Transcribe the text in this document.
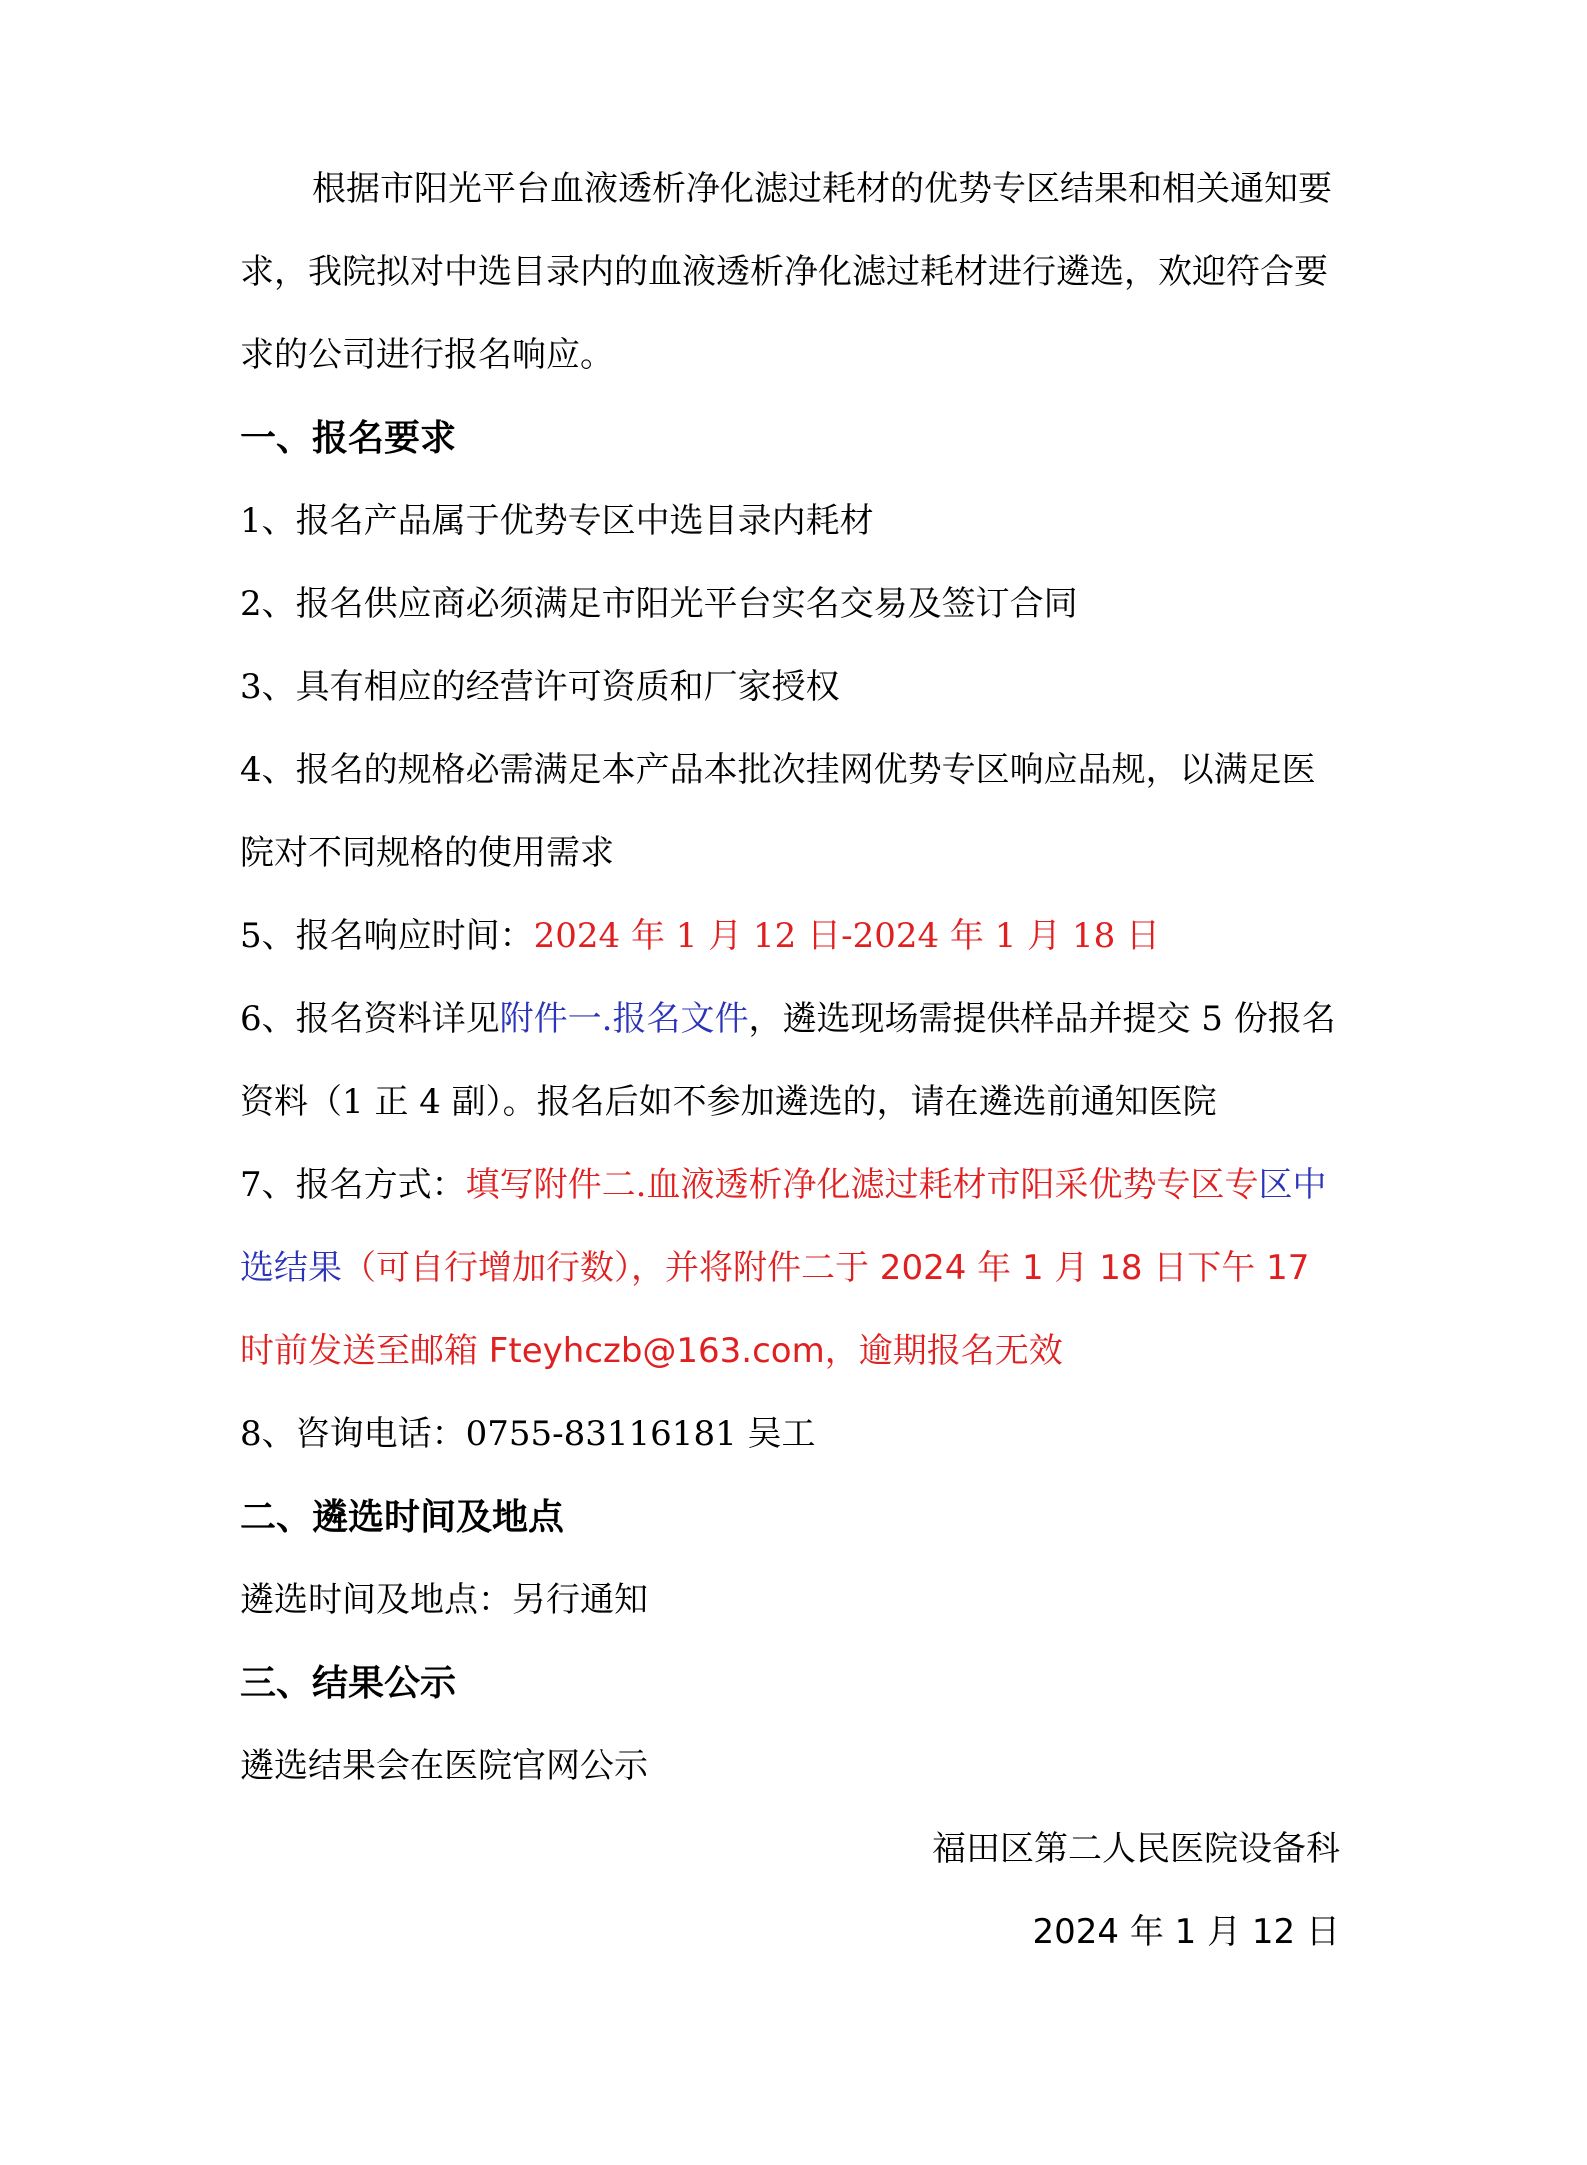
根据市阳光平台血液透析净化滤过耗材的优势专区结果和相关通知要求，我院拟对中选目录内的血液透析净化滤过耗材进行遴选，欢迎符合要求的公司进行报名响应。

一、报名要求

1、报名产品属于优势专区中选目录内耗材

2、报名供应商必须满足市阳光平台实名交易及签订合同

3、具有相应的经营许可资质和厂家授权

4、报名的规格必需满足本产品本批次挂网优势专区响应品规，以满足医院对不同规格的使用需求

5、报名响应时间：2024 年 1 月 12 日-2024 年 1 月 18 日

6、报名资料详见附件一.报名文件，遴选现场需提供样品并提交 5 份报名资料（1 正 4 副）。报名后如不参加遴选的，请在遴选前通知医院

7、报名方式：填写附件二.血液透析净化滤过耗材市阳采优势专区专区中选结果（可自行增加行数），并将附件二于 2024 年 1 月 18 日下午 17 时前发送至邮箱 Fteyhczb@163.com，逾期报名无效

8、咨询电话：0755-83116181 吴工

二、遴选时间及地点

遴选时间及地点：另行通知

三、结果公示

遴选结果会在医院官网公示

福田区第二人民医院设备科

2024 年 1 月 12 日
